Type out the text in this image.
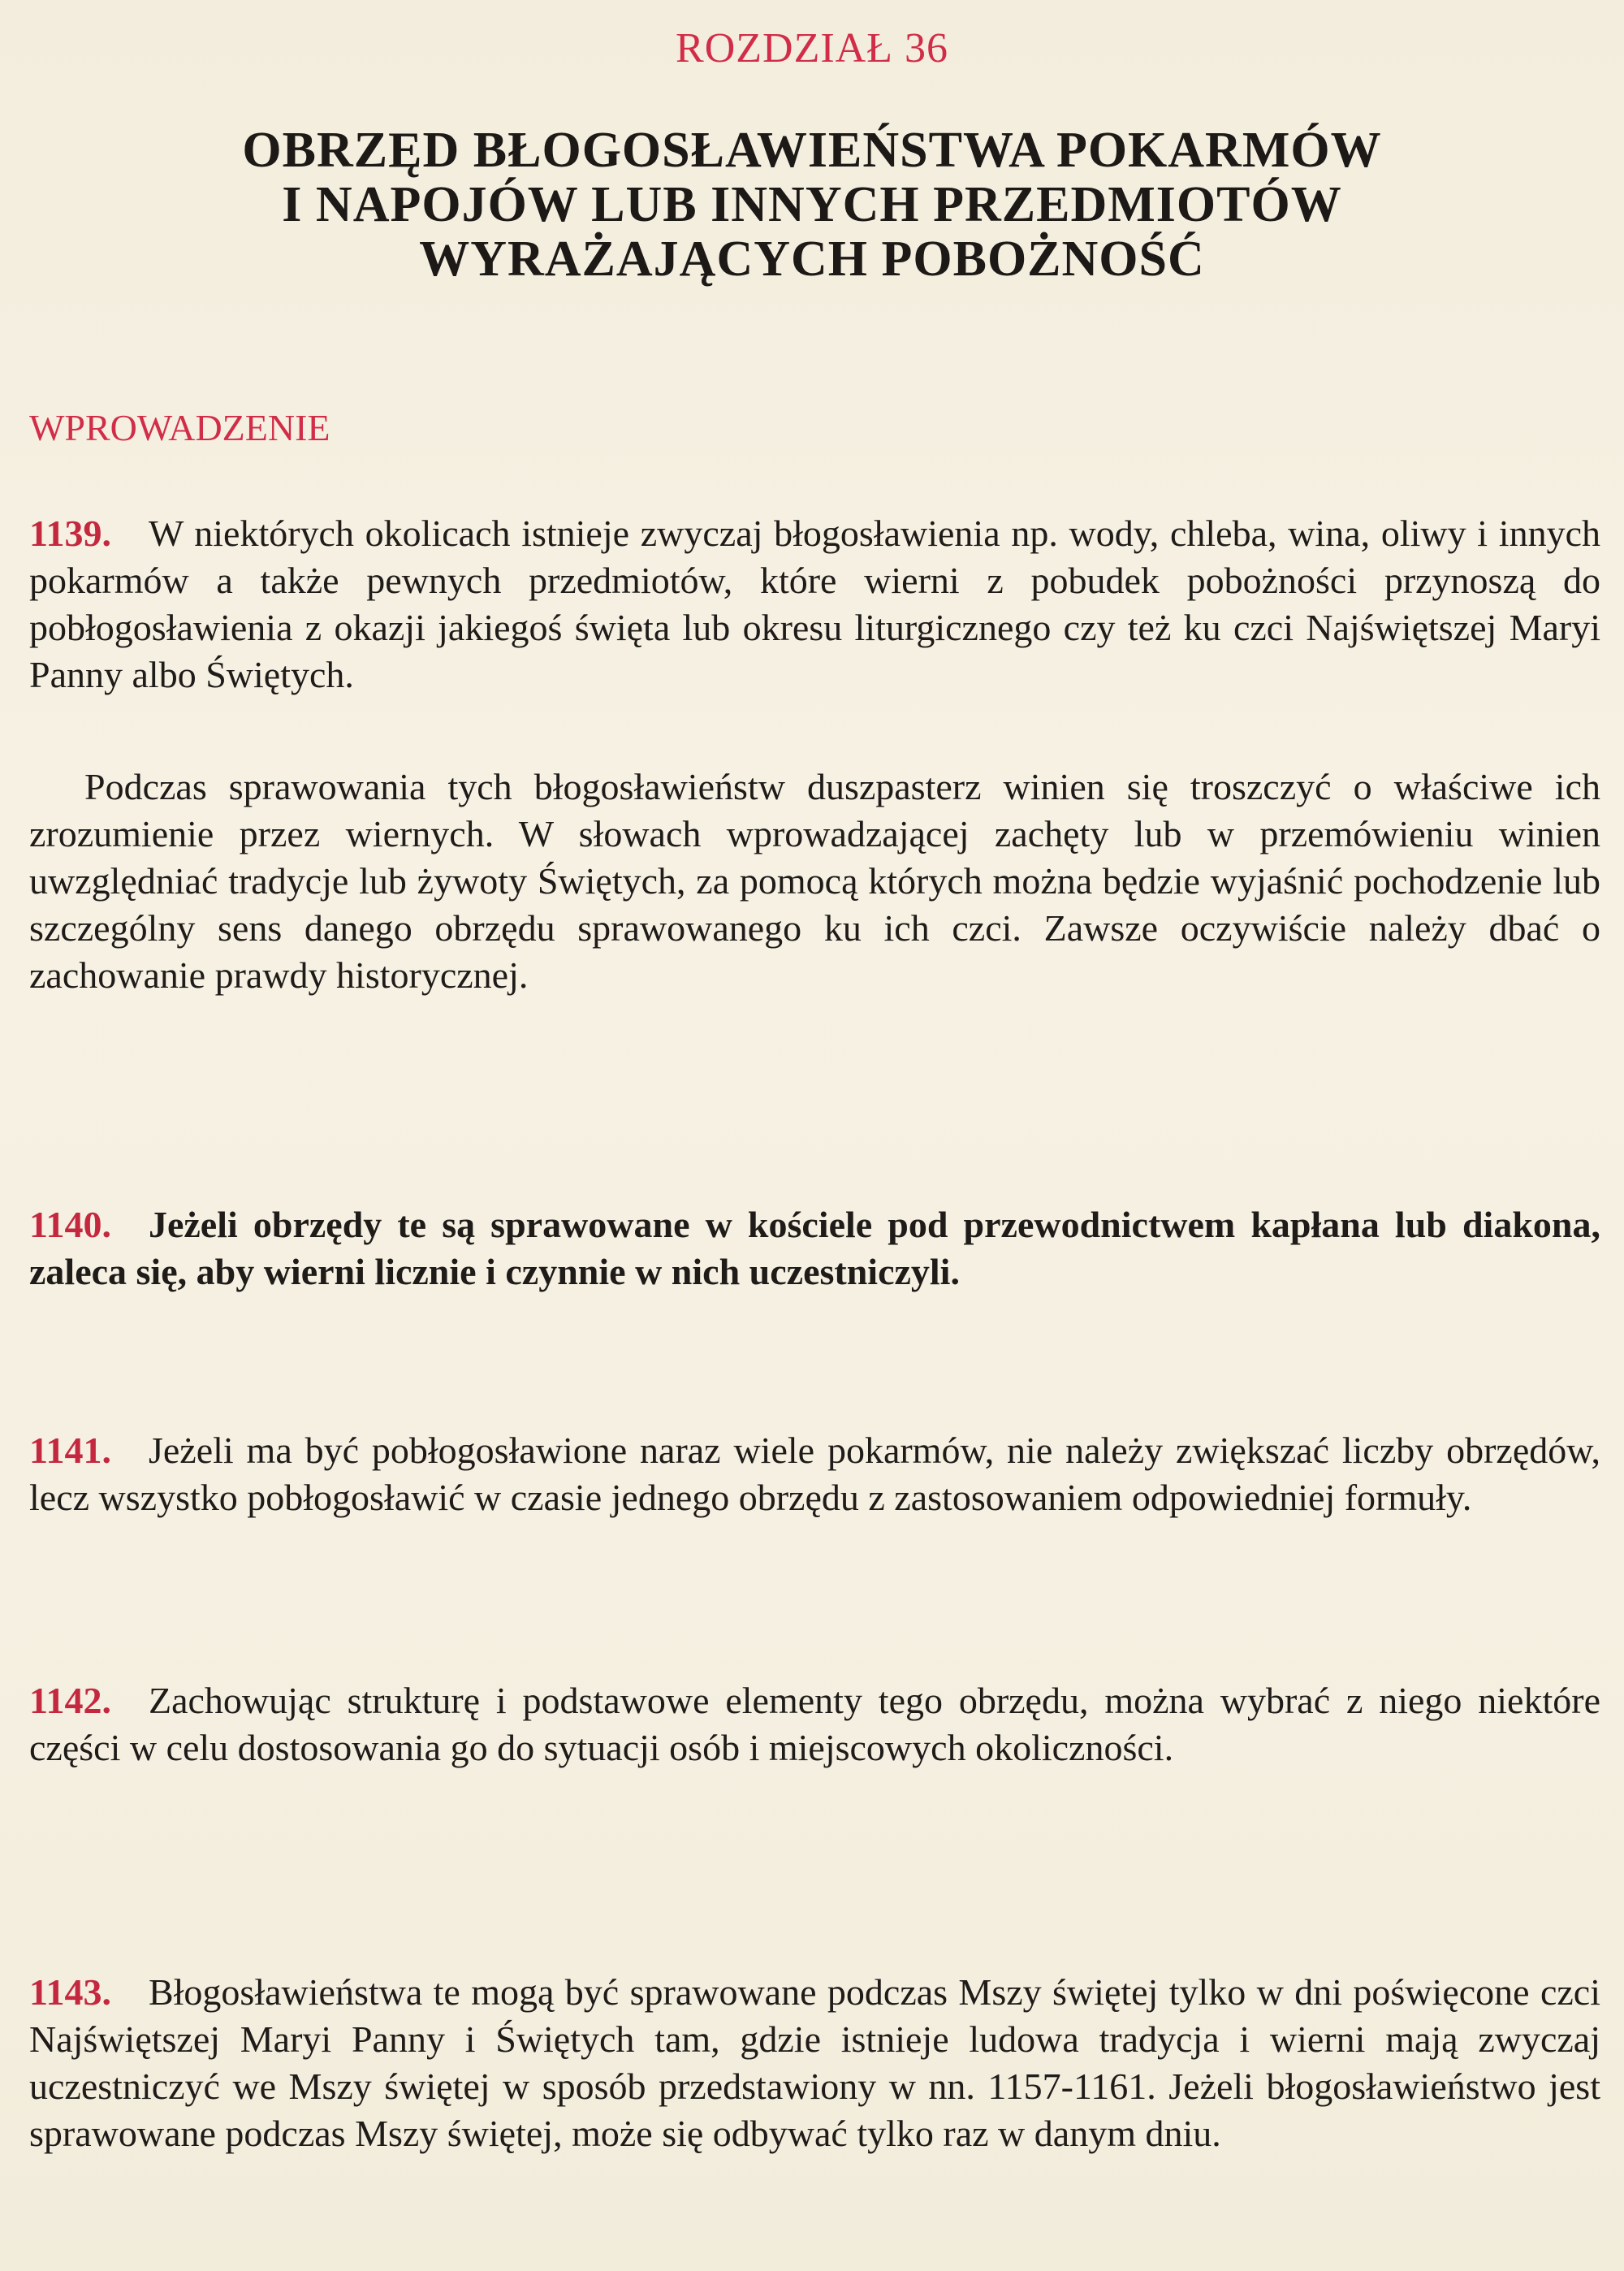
ROZDZIAŁ 36
OBRZĘD BŁOGOSŁAWIEŃSTWA POKARMÓW
I NAPOJÓW LUB INNYCH PRZEDMIOTÓW
WYRAŻAJĄCYCH POBOŻNOŚĆ
WPROWADZENIE
1139. W niektórych okolicach istnieje zwyczaj błogosławienia np. wody, chleba, wina, oliwy i innych pokarmów a także pewnych przedmiotów, które wierni z pobudek pobożności przynoszą do pobłogosławienia z okazji jakiegoś święta lub okresu liturgicznego czy też ku czci Najświętszej Maryi Panny albo Świętych.
Podczas sprawowania tych błogosławieństw duszpasterz winien się troszczyć o właściwe ich zrozumienie przez wiernych. W słowach wprowadzającej zachęty lub w przemówieniu winien uwzględniać tradycje lub żywoty Świętych, za pomocą których można będzie wyjaśnić pochodzenie lub szczególny sens danego obrzędu sprawowanego ku ich czci. Zawsze oczywiście należy dbać o zachowanie prawdy historycznej.
1140. Jeżeli obrzędy te są sprawowane w kościele pod przewodnictwem kapłana lub diakona, zaleca się, aby wierni licznie i czynnie w nich uczestniczyli.
1141. Jeżeli ma być pobłogosławione naraz wiele pokarmów, nie należy zwiększać liczby obrzędów, lecz wszystko pobłogosławić w czasie jednego obrzędu z zastosowaniem odpowiedniej formuły.
1142. Zachowując strukturę i podstawowe elementy tego obrzędu, można wybrać z niego niektóre części w celu dostosowania go do sytuacji osób i miejscowych okoliczności.
1143. Błogosławieństwa te mogą być sprawowane podczas Mszy świętej tylko w dni poświęcone czci Najświętszej Maryi Panny i Świętych tam, gdzie istnieje ludowa tradycja i wierni mają zwyczaj uczestniczyć we Mszy świętej w sposób przedstawiony w nn. 1157-1161. Jeżeli błogosławieństwo jest sprawowane podczas Mszy świętej, może się odbywać tylko raz w danym dniu.
